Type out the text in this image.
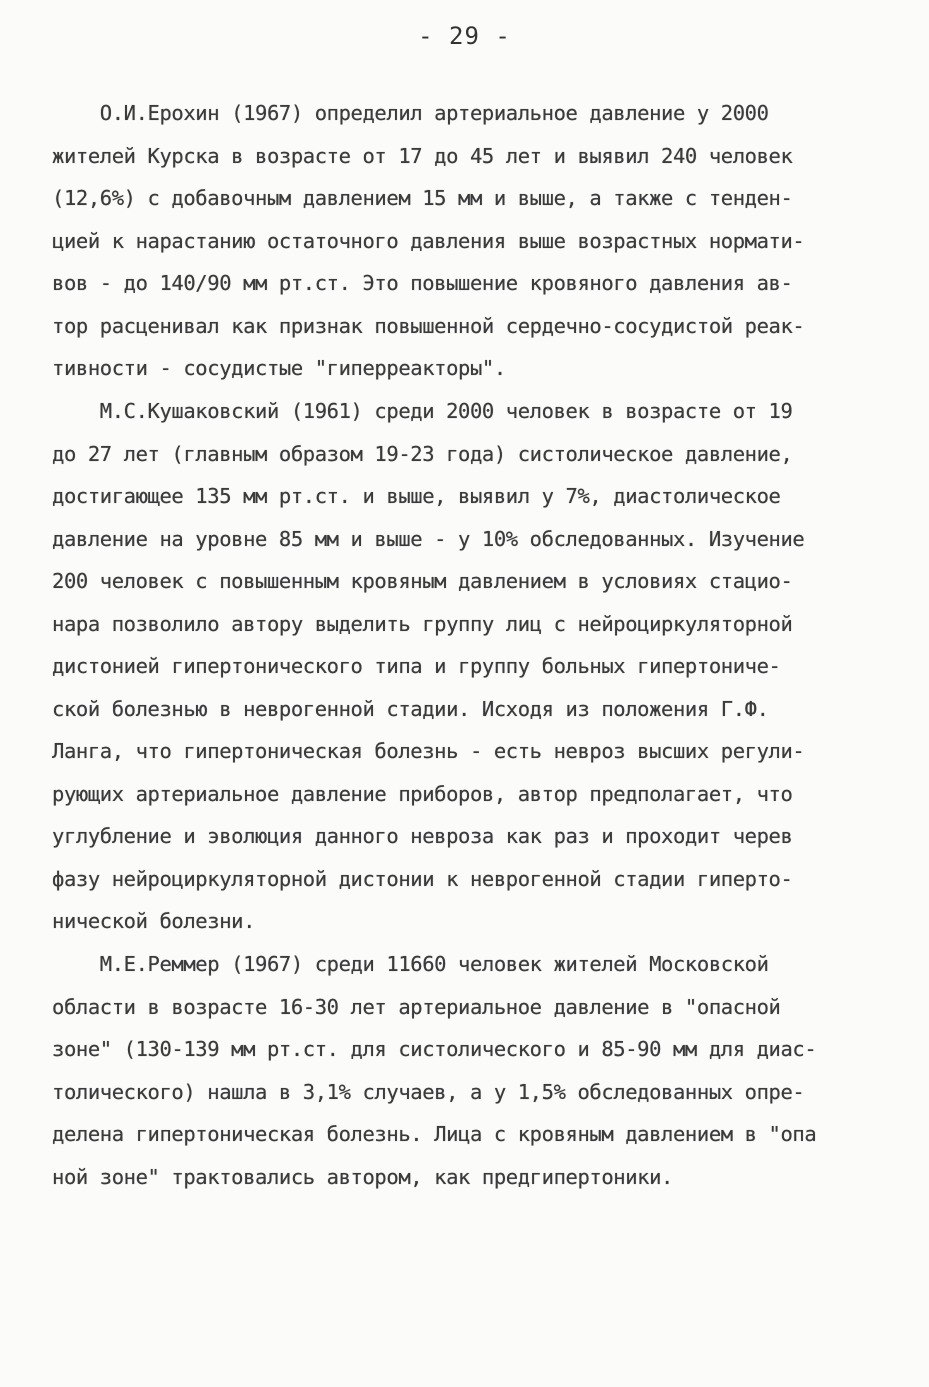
- 29 -
О.И.Ерохин (1967) определил артериальное давление у 2000
жителей Курска в возрасте от 17 до 45 лет и выявил 240 человек
(12,6%) с добавочным давлением 15 мм и выше, а также с тенден-
цией к нарастанию остаточного давления выше возрастных нормати-
вов - до 140/90 мм рт.ст. Это повышение кровяного давления ав-
тор расценивал как признак повышенной сердечно-сосудистой реак-
тивности - сосудистые "гиперреакторы".
М.С.Кушаковский (1961) среди 2000 человек в возрасте от 19
до 27 лет (главным образом 19-23 года) систолическое давление,
достигающее 135 мм рт.ст. и выше, выявил у 7%, диастолическое
давление на уровне 85 мм и выше - у 10% обследованных. Изучение
200 человек с повышенным кровяным давлением в условиях стацио-
нара позволило автору выделить группу лиц с нейроциркуляторной
дистонией гипертонического типа и группу больных гипертониче-
ской болезнью в неврогенной стадии. Исходя из положения Г.Ф.
Ланга, что гипертоническая болезнь - есть невроз высших регули-
рующих артериальное давление приборов, автор предполагает, что
углубление и эволюция данного невроза как раз и проходит черев
фазу нейроциркуляторной дистонии к неврогенной стадии гиперто-
нической болезни.
М.Е.Реммер (1967) среди 11660 человек жителей Московской
области в возрасте 16-30 лет артериальное давление в "опасной
зоне" (130-139 мм рт.ст. для систолического и 85-90 мм для диас-
толического) нашла в 3,1% случаев, а у 1,5% обследованных опре-
делена гипертоническая болезнь. Лица с кровяным давлением в "опа
ной зоне" трактовались автором, как предгипертоники.
